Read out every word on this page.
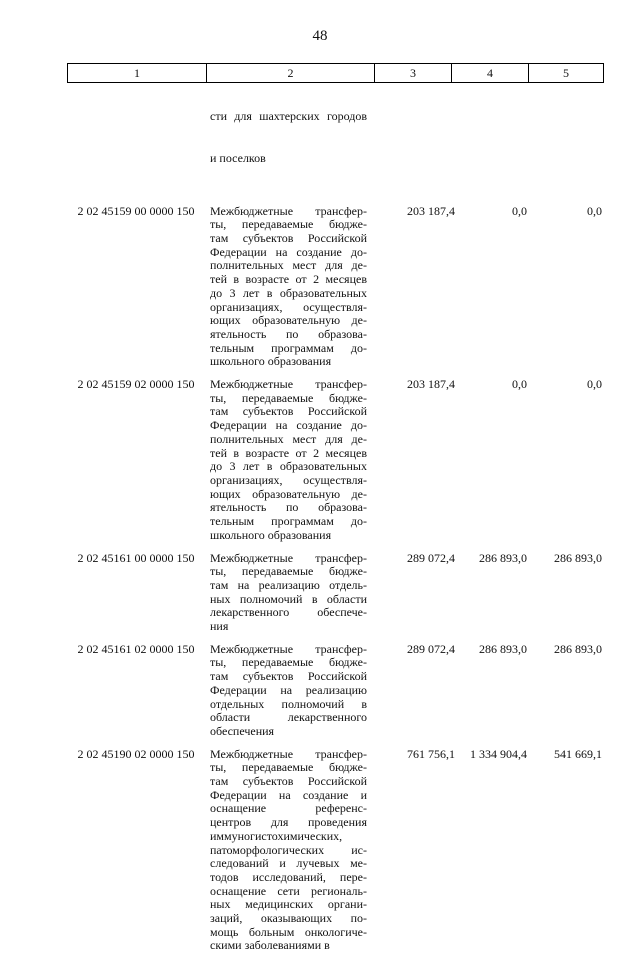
48
1	2	3	4	5

сти для шахтерских городов

и поселков

2 02 45159 00 0000 150	Межбюджетные трансфер-
ты, передаваемые бюдже-
там субъектов Российской
Федерации на создание до-
полнительных мест для де-
тей в возрасте от 2 месяцев
до 3 лет в образовательных
организациях, осуществля-
ющих образовательную де-
ятельность по образова-
тельным программам до-
школьного образования
203 187,4	0,0	0,0
2 02 45159 02 0000 150	Межбюджетные трансфер-
ты, передаваемые бюдже-
там субъектов Российской
Федерации на создание до-
полнительных мест для де-
тей в возрасте от 2 месяцев
до 3 лет в образовательных
организациях, осуществля-
ющих образовательную де-
ятельность по образова-
тельным программам до-
школьного образования
203 187,4	0,0	0,0
2 02 45161 00 0000 150	Межбюджетные трансфер-
ты, передаваемые бюдже-
там на реализацию отдель-
ных полномочий в области
лекарственного обеспече-
ния
289 072,4	286 893,0	286 893,0
2 02 45161 02 0000 150	Межбюджетные трансфер-
ты, передаваемые бюдже-
там субъектов Российской
Федерации на реализацию
отдельных полномочий в
области лекарственного
обеспечения
289 072,4	286 893,0	286 893,0
2 02 45190 02 0000 150	Межбюджетные трансфер-
ты, передаваемые бюдже-
там субъектов Российской
Федерации на создание и
оснащение референс-
центров для проведения
иммуногистохимических,
патоморфологических ис-
следований и лучевых ме-
тодов исследований, пере-
оснащение сети региональ-
ных медицинских органи-
заций, оказывающих по-
мощь больным онкологиче-
скими заболеваниями в
761 756,1	1 334 904,4	541 669,1
